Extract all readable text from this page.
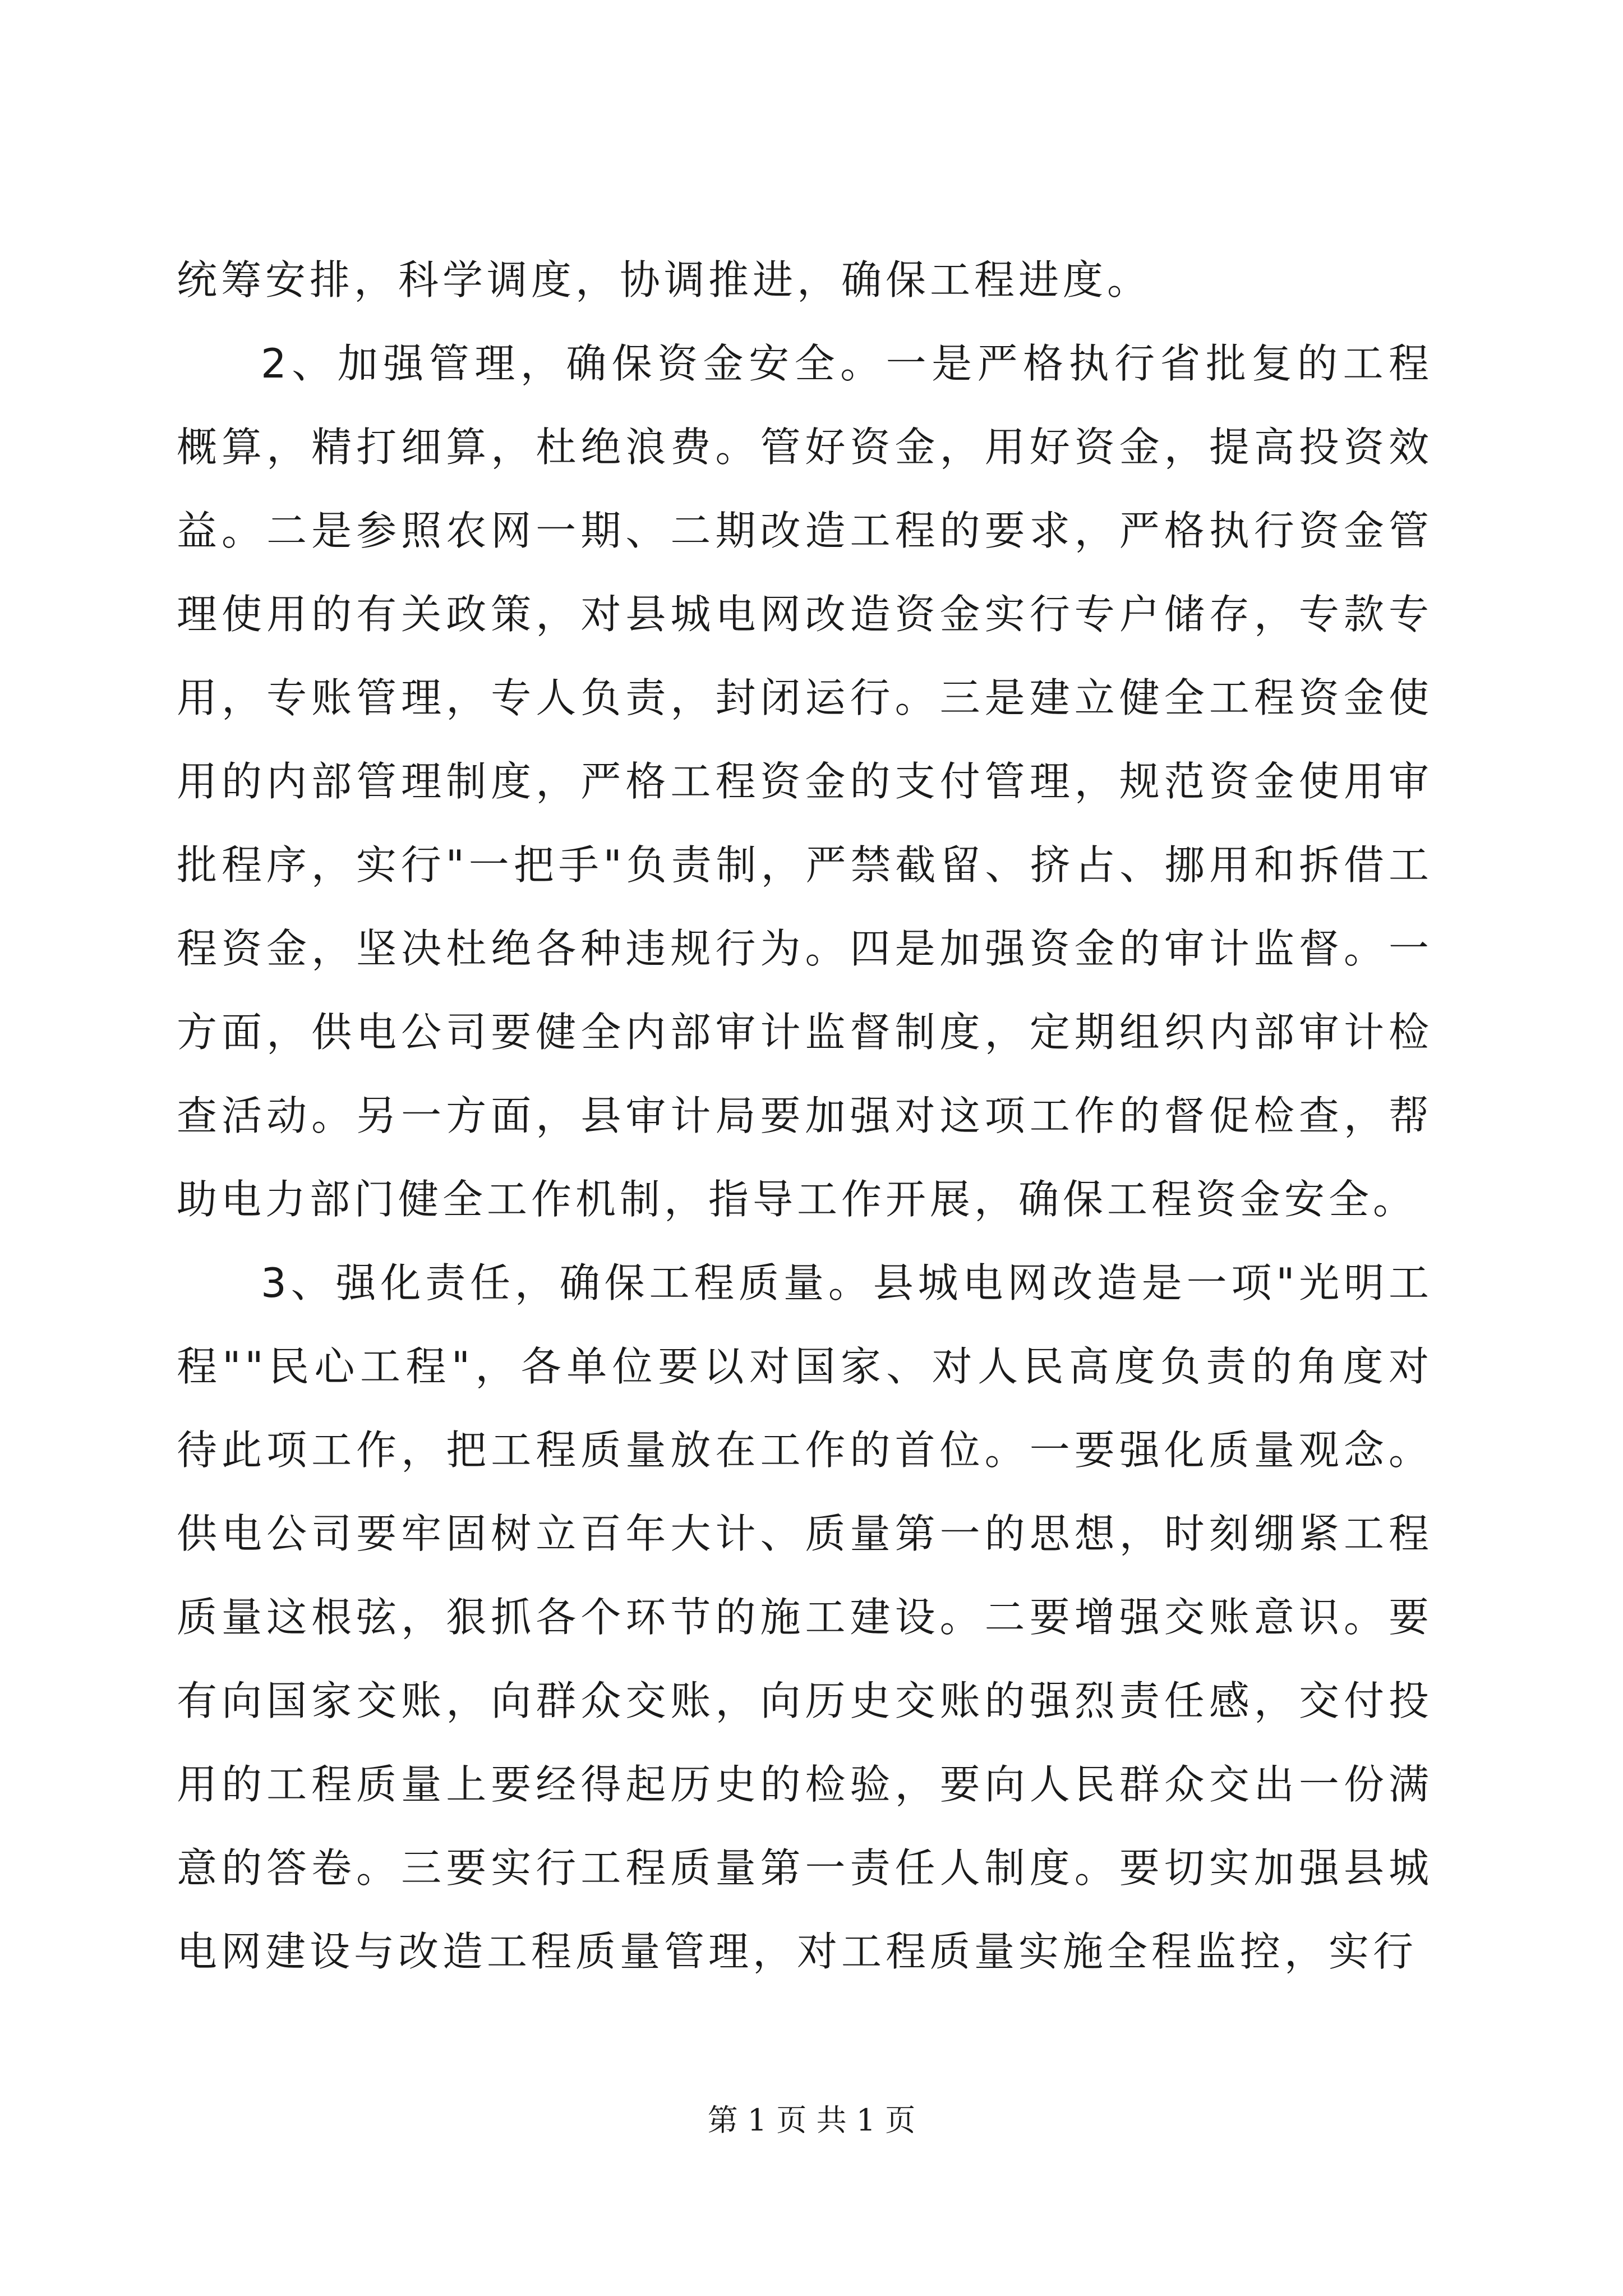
统筹安排，科学调度，协调推进，确保工程进度。

2、加强管理，确保资金安全。一是严格执行省批复的工程概算，精打细算，杜绝浪费。管好资金，用好资金，提高投资效益。二是参照农网一期、二期改造工程的要求，严格执行资金管理使用的有关政策，对县城电网改造资金实行专户储存，专款专用，专账管理，专人负责，封闭运行。三是建立健全工程资金使用的内部管理制度，严格工程资金的支付管理，规范资金使用审批程序，实行"一把手"负责制，严禁截留、挤占、挪用和拆借工程资金，坚决杜绝各种违规行为。四是加强资金的审计监督。一方面，供电公司要健全内部审计监督制度，定期组织内部审计检查活动。另一方面，县审计局要加强对这项工作的督促检查，帮助电力部门健全工作机制，指导工作开展，确保工程资金安全。

3、强化责任，确保工程质量。县城电网改造是一项"光明工程""民心工程"，各单位要以对国家、对人民高度负责的角度对待此项工作，把工程质量放在工作的首位。一要强化质量观念。供电公司要牢固树立百年大计、质量第一的思想，时刻绷紧工程质量这根弦，狠抓各个环节的施工建设。二要增强交账意识。要有向国家交账，向群众交账，向历史交账的强烈责任感，交付投用的工程质量上要经得起历史的检验，要向人民群众交出一份满意的答卷。三要实行工程质量第一责任人制度。要切实加强县城电网建设与改造工程质量管理，对工程质量实施全程监控，实行

第 1 页 共 1 页
